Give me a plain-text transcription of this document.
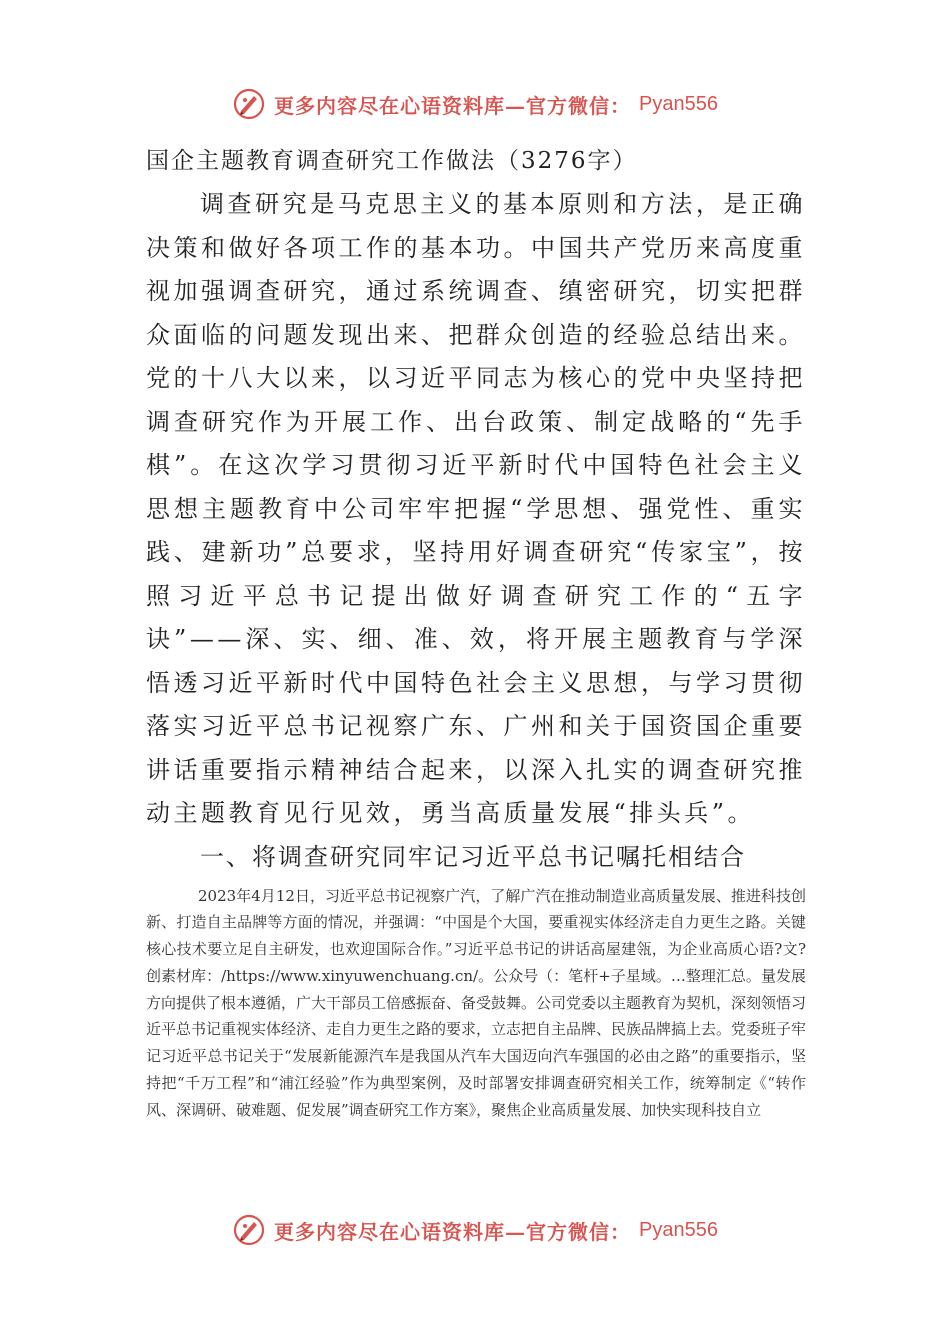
更多内容尽在心语资料库—官方微信： Pyan556
国企主题教育调查研究工作做法（3276字）

调查研究是马克思主义的基本原则和方法，是正确决策和做好各项工作的基本功。中国共产党历来高度重视加强调查研究，通过系统调查、缜密研究，切实把群众面临的问题发现出来、把群众创造的经验总结出来。党的十八大以来，以习近平同志为核心的党中央坚持把调查研究作为开展工作、出台政策、制定战略的“先手棋”。在这次学习贯彻习近平新时代中国特色社会主义思想主题教育中公司牢牢把握“学思想、强党性、重实践、建新功”总要求，坚持用好调查研究“传家宝”，按照习近平总书记提出做好调查研究工作的“五字诀”——深、实、细、准、效，将开展主题教育与学深悟透习近平新时代中国特色社会主义思想，与学习贯彻落实习近平总书记视察广东、广州和关于国资国企重要讲话重要指示精神结合起来，以深入扎实的调查研究推动主题教育见行见效，勇当高质量发展“排头兵”。

一、将调查研究同牢记习近平总书记嘱托相结合

2023年4月12日，习近平总书记视察广汽，了解广汽在推动制造业高质量发展、推进科技创新、打造自主品牌等方面的情况，并强调：“中国是个大国，要重视实体经济走自力更生之路。关键核心技术要立足自主研发，也欢迎国际合作。”习近平总书记的讲话高屋建瓴，为企业高质心语?文?创素材库：/https://www.xinyuwenchuang.cn/。公众号（：笔杆+子星域。…整理汇总。量发展方向提供了根本遵循，广大干部员工倍感振奋、备受鼓舞。公司党委以主题教育为契机，深刻领悟习近平总书记重视实体经济、走自力更生之路的要求，立志把自主品牌、民族品牌搞上去。党委班子牢记习近平总书记关于“发展新能源汽车是我国从汽车大国迈向汽车强国的必由之路”的重要指示，坚持把“千万工程”和“浦江经验”作为典型案例，及时部署安排调查研究相关工作，统筹制定《“转作风、深调研、破难题、促发展”调查研究工作方案》，聚焦企业高质量发展、加快实现科技自立

更多内容尽在心语资料库—官方微信： Pyan556
